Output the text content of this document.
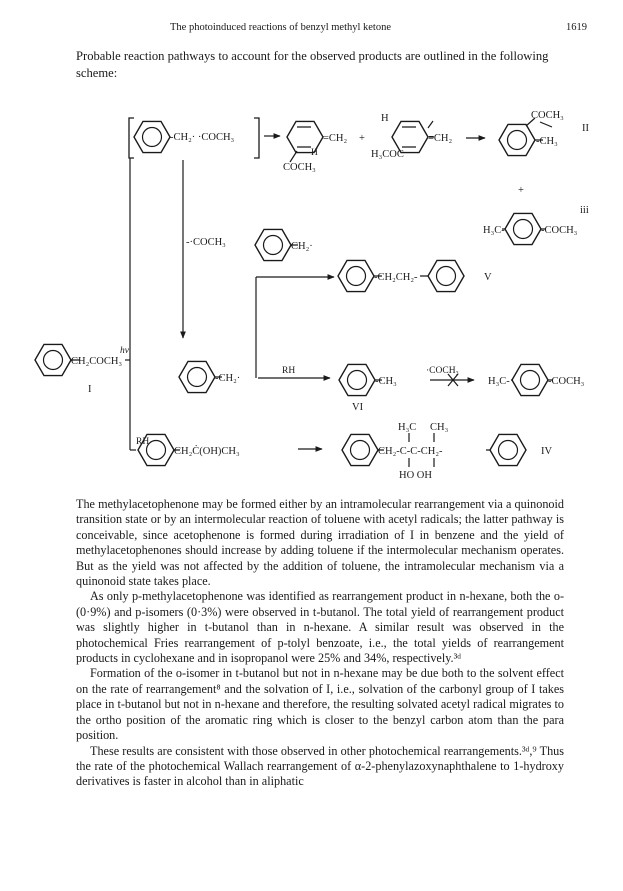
The photoinduced reactions of benzyl methyl ketone	1619

Probable reaction pathways to account for the observed products are outlined in the following scheme:

-CH₂· ·COCH₃
H
=CH₂ +
H	H₃COC
COCH₃
=CH₂
COCH₃
-CH₃
II
+
iii
H₃C-	-COCH₃
-·COCH₃	CH₂·
-CH₂CH₂-	V
CH₂COCH₃
hν
I
-CH₂·
RH
-CH₃
VI
·COCH₃
H₃C-	-COCH₃
RH
CH₂Ċ(OH)CH₃
H₃C CH₃
CH₂-C-C-CH₂-
HO OH
IV

The methylacetophenone may be formed either by an intramolecular rearrangement via a quinonoid transition state or by an intermolecular reaction of toluene with acetyl radicals; the latter pathway is conceivable, since acetophenone is formed during irradiation of I in benzene and the yield of methylacetophenones should increase by adding toluene if the intermolecular mechanism operates. But as the yield was not affected by the addition of toluene, the intramolecular mechanism via a quinonoid state takes place.

As only p-methylacetophenone was identified as rearrangement product in n-hexane, both the o- (0·9%) and p-isomers (0·3%) were observed in t-butanol. The total yield of rearrangement product was slightly higher in t-butanol than in n-hexane. A similar result was observed in the photochemical Fries rearrangement of p-tolyl benzoate, i.e., the total yields of rearrangement products in cyclohexane and in isopropanol were 25% and 34%, respectively.³ᵈ

Formation of the o-isomer in t-butanol but not in n-hexane may be due both to the solvent effect on the rate of rearrangement⁸ and the solvation of I, i.e., solvation of the carbonyl group of I takes place in t-butanol but not in n-hexane and therefore, the resulting solvated acetyl radical migrates to the ortho position of the aromatic ring which is closer to the benzyl carbon atom than the para position.

These results are consistent with those observed in other photochemical rearrangements.³ᵈ,⁹ Thus the rate of the photochemical Wallach rearrangement of α-2-phenylazoxynaphthalene to 1-hydroxy derivatives is faster in alcohol than in aliphatic
